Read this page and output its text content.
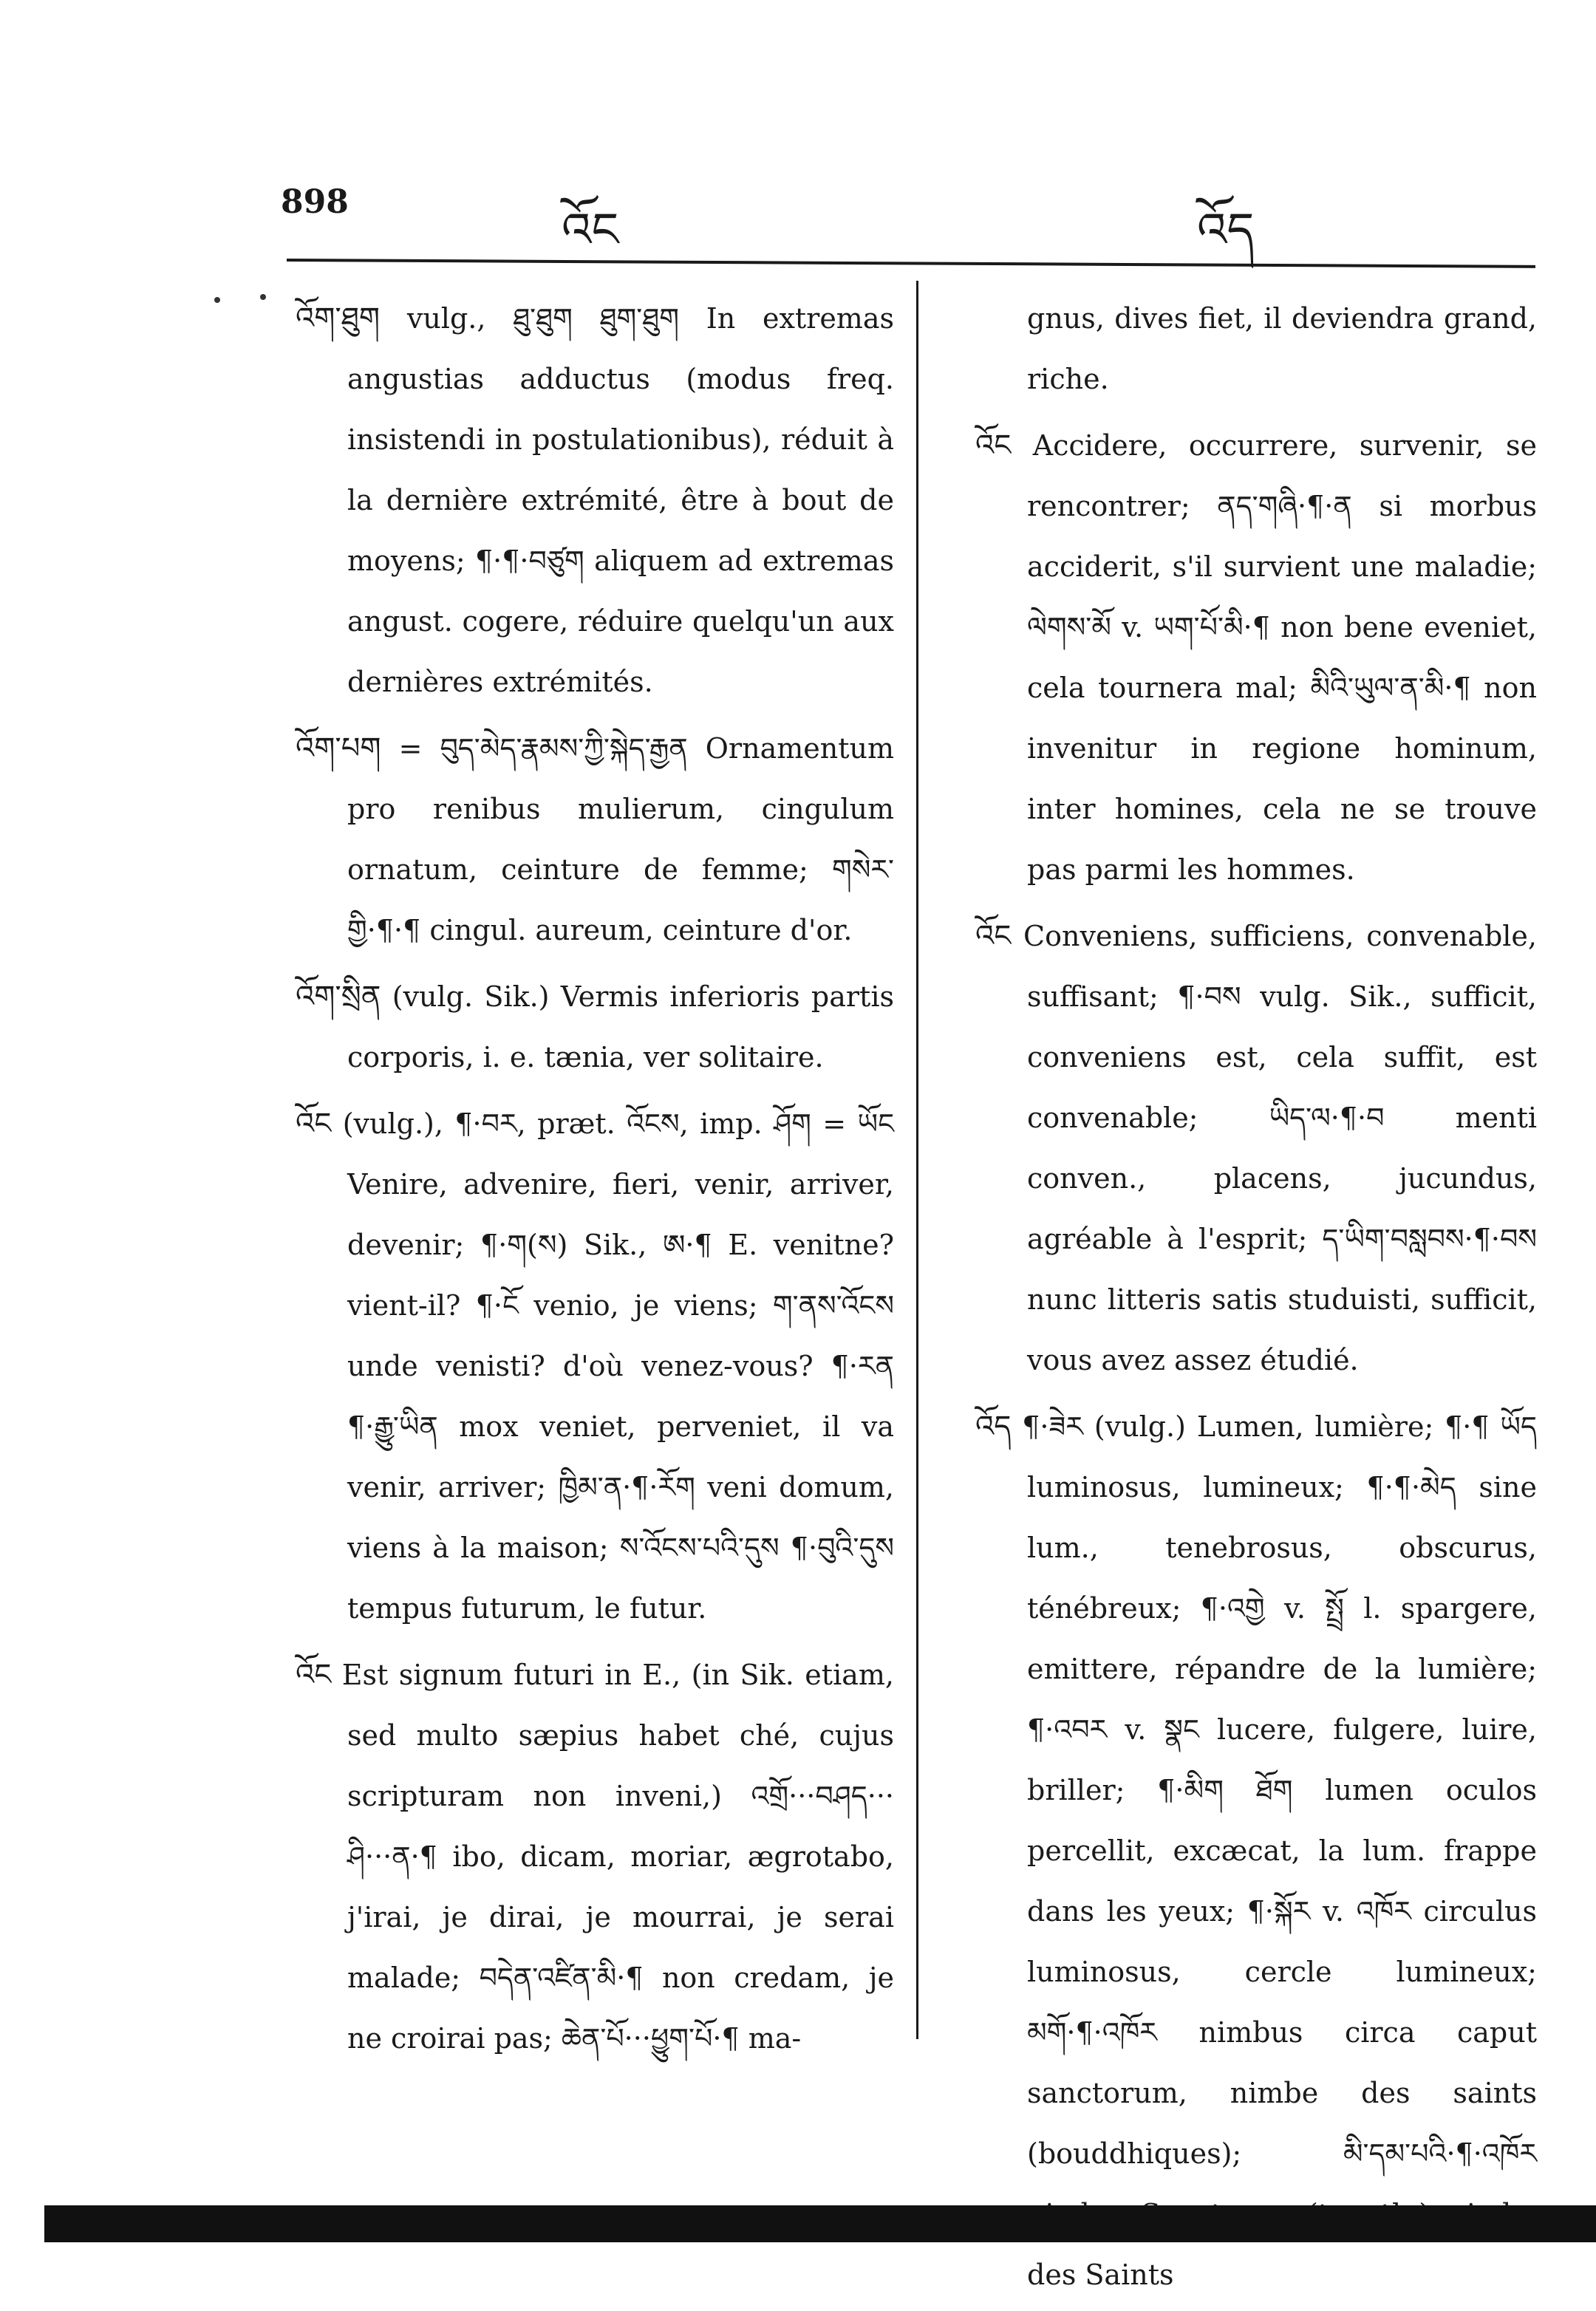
898
འོང	འོད

འོག་ཐུག vulg., ཐུ་ཐུག ཐུག་ཐུག In extremas angustias adductus (modus freq. insistendi in postulationibus), réduit à la dernière extrémité, être à bout de moyens; ¶·¶·བཙུག aliquem ad extremas angust. cogere, réduire quelqu'un aux dernières extrémités.

འོག་པག = བུད་མེད་རྣམས་ཀྱི་སྐེད་རྒྱན Ornamentum pro renibus mulierum, cingulum ornatum, ceinture de femme; གསེར་གྱི·¶·¶ cingul. aureum, ceinture d'or.

འོག་སྲིན (vulg. Sik.) Vermis inferioris partis corporis, i. e. tænia, ver solitaire.

འོང (vulg.), ¶·བར, præt. འོངས, imp. ཤོག = ཡོང Venire, advenire, fieri, venir, arriver, devenir; ¶·ག(ས) Sik., ཨ·¶ E. venitne? vient-il? ¶·ངོ venio, je viens; ག་ནས་འོངས unde venisti? d'où venez-vous? ¶·རན ¶·རྒྱུ་ཡིན mox veniet, perveniet, il va venir, arriver; ཁྱིམ་ན·¶·རོག veni domum, viens à la maison; ས་འོངས་པའི་དུས ¶·བུའི་དུས tempus futurum, le futur.

འོང Est signum futuri in E., (in Sik. etiam, sed multo sæpius habet ché, cujus scripturam non inveni,) འགྲོ···བཤད··· ཤི···ན·¶ ibo, dicam, moriar, ægrotabo, j'irai, je dirai, je mourrai, je serai malade; བདེན་འཛིན་མི·¶ non credam, je ne croirai pas; ཆེན་པོ···ཕྱུག་པོ·¶ ma-

gnus, dives fiet, il deviendra grand, riche.

འོང Accidere, occurrere, survenir, se rencontrer; ནད་གཞི·¶·ན si morbus acciderit, s'il survient une maladie; ལེགས་མོ v. ཡག་པོ་མི·¶ non bene eveniet, cela tournera mal; མིའི་ཡུལ་ན་མི·¶ non invenitur in regione hominum, inter homines, cela ne se trouve pas parmi les hommes.

འོང Conveniens, sufficiens, convenable, suffisant; ¶·བས vulg. Sik., sufficit, conveniens est, cela suffit, est convenable; ཡིད་ལ·¶·བ menti conven., placens, jucundus, agréable à l'esprit; ད་ཡིག་བསླབས·¶·བས nunc litteris satis studuisti, sufficit, vous avez assez étudié.

འོད ¶·ཟེར (vulg.) Lumen, lumière; ¶·¶ ཡོད luminosus, lumineux; ¶·¶·མེད sine lum., tenebrosus, obscurus, ténébreux; ¶·འགྱེ v. སྤྲོ l. spargere, emittere, répandre de la lumière; ¶·འབར v. སྣང lucere, fulgere, luire, briller; ¶·མིག ཐོག lumen oculos percellit, excæcat, la lum. frappe dans les yeux; ¶·སྐོར v. འཁོར circulus luminosus, cercle lumineux; མགོ·¶·འཁོར nimbus circa caput sanctorum, nimbe des saints (bouddhiques); མི་དམ་པའི·¶·འཁོར des Saints
